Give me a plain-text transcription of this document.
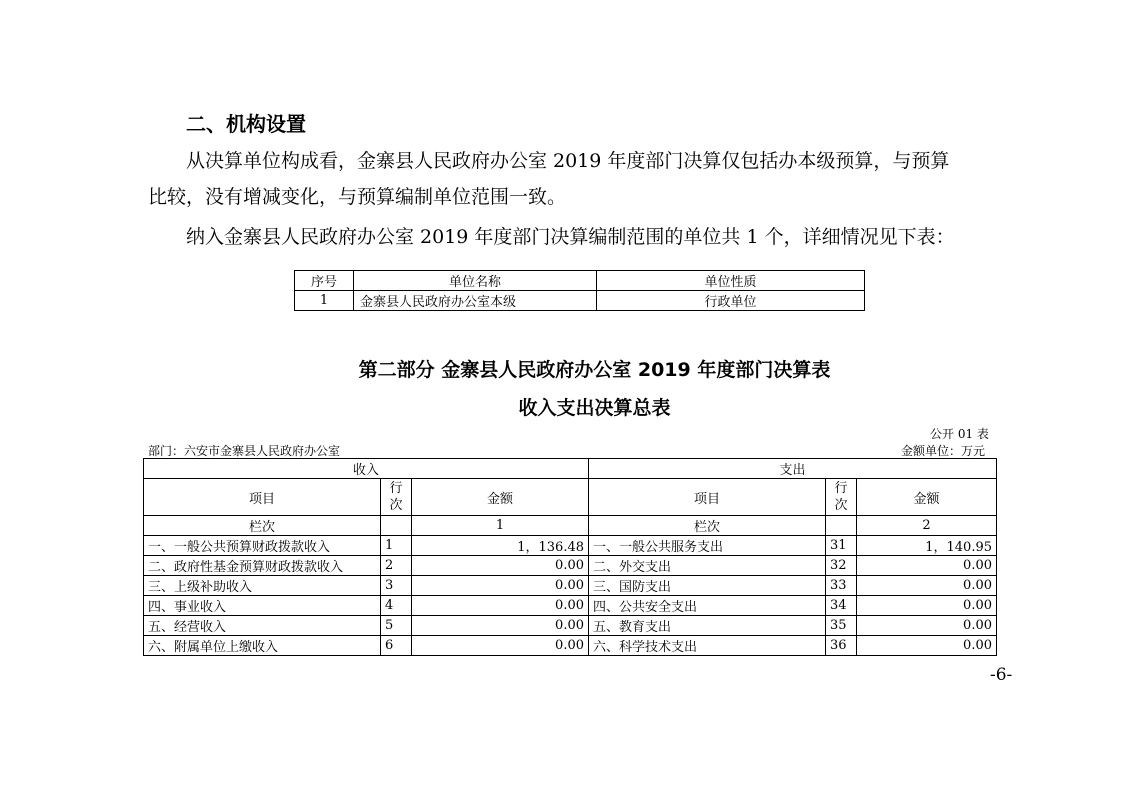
二、机构设置
从决算单位构成看，金寨县人民政府办公室 2019 年度部门决算仅包括办本级预算，与预算
比较，没有增减变化，与预算编制单位范围一致。
纳入金寨县人民政府办公室 2019 年度部门决算编制范围的单位共 1 个，详细情况见下表：
序号	单位名称	单位性质
1	金寨县人民政府办公室本级	行政单位
第二部分 金寨县人民政府办公室 2019 年度部门决算表
收入支出决算总表
公开 01 表
部门：六安市金寨县人民政府办公室	金额单位：万元
收入			支出		
项目	行次	金额	项目	行次	金额
栏次		1	栏次		2
一、一般公共预算财政拨款收入	1	1，136.48	一、一般公共服务支出	31	1，140.95
二、政府性基金预算财政拨款收入	2	0.00	二、外交支出	32	0.00
三、上级补助收入	3	0.00	三、国防支出	33	0.00
四、事业收入	4	0.00	四、公共安全支出	34	0.00
五、经营收入	5	0.00	五、教育支出	35	0.00
六、附属单位上缴收入	6	0.00	六、科学技术支出	36	0.00
-6-
